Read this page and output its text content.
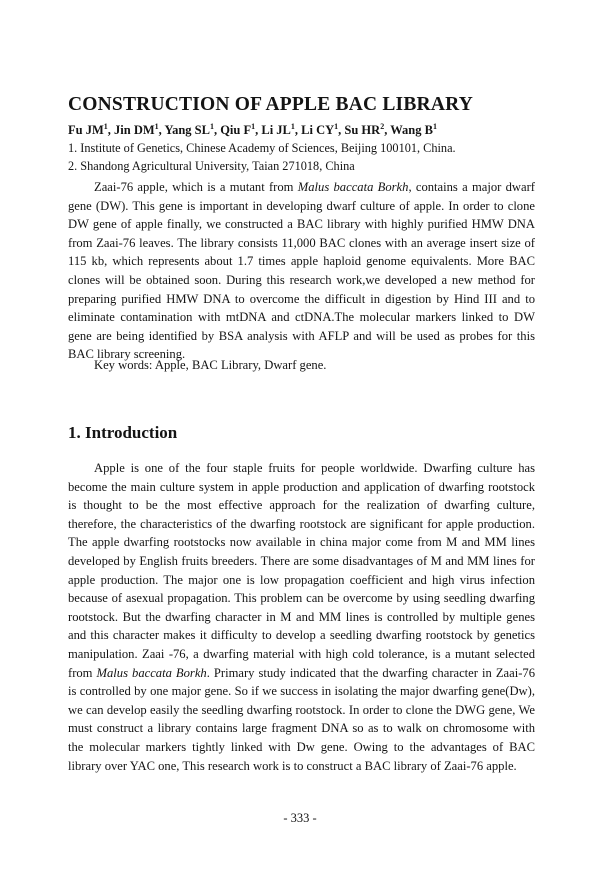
CONSTRUCTION OF APPLE BAC LIBRARY

Fu $JM^1$, Jin $DM^1$, Yang $SL^1$, Qiu $F^1$, Li $JL^1$, Li $CY^1$, Su $HR^2$, Wang $B^1$

1. Institute of Genetics, Chinese Academy of Sciences, Beijing 100101, China.

2. Shandong Agricultural University, Taian 271018, China

Zaai-76 apple, which is a mutant from Malus baccata Borkh, contains a major dwarf gene (DW). This gene is important in developing dwarf culture of apple. In order to clone DW gene of apple finally, we constructed a BAC library with highly purified HMW DNA from Zaai-76 leaves. The library consists 11,000 BAC clones with an average insert size of 115 kb, which represents about 1.7 times apple haploid genome equivalents. More BAC clones will be obtained soon. During this research work,we developed a new method for preparing purified HMW DNA to overcome the difficult in digestion by Hind III and to eliminate contamination with mtDNA and ctDNA.The molecular markers linked to DW gene are being identified by BSA analysis with AFLP and will be used as probes for this BAC library screening.

Key words: Apple, BAC Library, Dwarf gene.

1. Introduction

Apple is one of the four staple fruits for people worldwide. Dwarfing culture has become the main culture system in apple production and application of dwarfing rootstock is thought to be the most effective approach for the realization of dwarfing culture, therefore, the characteristics of the dwarfing rootstock are significant for apple production. The apple dwarfing rootstocks now available in china major come from M and MM lines developed by English fruits breeders. There are some disadvantages of M and MM lines for apple production. The major one is low propagation coefficient and high virus infection because of asexual propagation. This problem can be overcome by using seedling dwarfing rootstock. But the dwarfing character in M and MM lines is controlled by multiple genes and this character makes it difficulty to develop a seedling dwarfing rootstock by genetics manipulation. Zaai -76, a dwarfing material with high cold tolerance, is a mutant selected from Malus baccata Borkh. Primary study indicated that the dwarfing character in Zaai-76 is controlled by one major gene. So if we success in isolating the major dwarfing gene(Dw), we can develop easily the seedling dwarfing rootstock. In order to clone the DWG gene, We must construct a library contains large fragment DNA so as to walk on chromosome with the molecular markers tightly linked with Dw gene. Owing to the advantages of BAC library over YAC one, This research work is to construct a BAC library of Zaai-76 apple.

- 333 -
